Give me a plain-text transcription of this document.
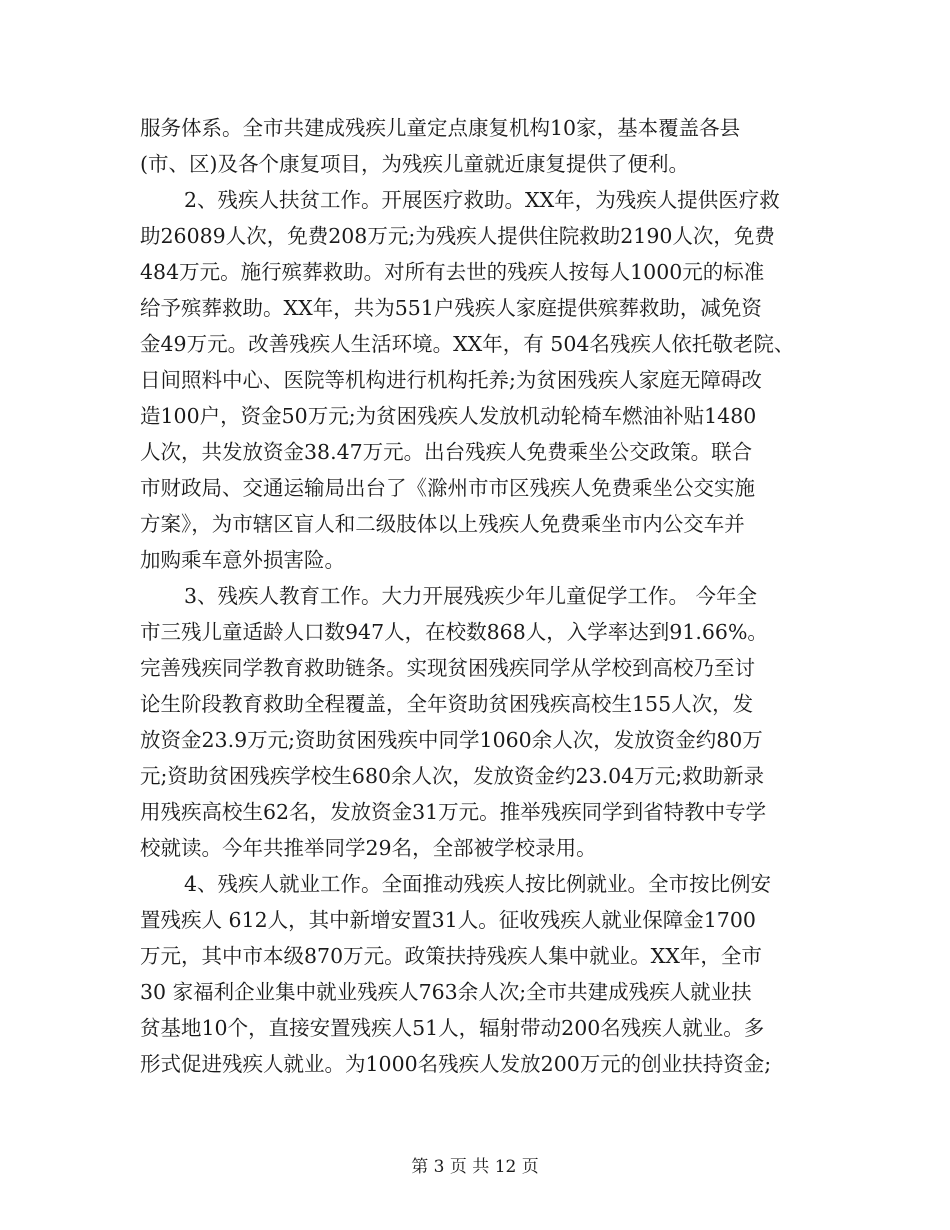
服务体系。全市共建成残疾儿童定点康复机构10家，基本覆盖各县
(市、区)及各个康复项目，为残疾儿童就近康复提供了便利。
2、残疾人扶贫工作。开展医疗救助。XX年，为残疾人提供医疗救
助26089人次，免费208万元;为残疾人提供住院救助2190人次，免费
484万元。施行殡葬救助。对所有去世的残疾人按每人1000元的标准
给予殡葬救助。XX年，共为551户残疾人家庭提供殡葬救助，减免资
金49万元。改善残疾人生活环境。XX年，有 504名残疾人依托敬老院、
日间照料中心、医院等机构进行机构托养;为贫困残疾人家庭无障碍改
造100户，资金50万元;为贫困残疾人发放机动轮椅车燃油补贴1480
人次，共发放资金38.47万元。出台残疾人免费乘坐公交政策。联合
市财政局、交通运输局出台了《滁州市市区残疾人免费乘坐公交实施
方案》，为市辖区盲人和二级肢体以上残疾人免费乘坐市内公交车并
加购乘车意外损害险。
3、残疾人教育工作。大力开展残疾少年儿童促学工作。 今年全
市三残儿童适龄人口数947人，在校数868人，入学率达到91.66%。
完善残疾同学教育救助链条。实现贫困残疾同学从学校到高校乃至讨
论生阶段教育救助全程覆盖，全年资助贫困残疾高校生155人次，发
放资金23.9万元;资助贫困残疾中同学1060余人次，发放资金约80万
元;资助贫困残疾学校生680余人次，发放资金约23.04万元;救助新录
用残疾高校生62名，发放资金31万元。推举残疾同学到省特教中专学
校就读。今年共推举同学29名，全部被学校录用。
4、残疾人就业工作。全面推动残疾人按比例就业。全市按比例安
置残疾人 612人，其中新增安置31人。征收残疾人就业保障金1700
万元，其中市本级870万元。政策扶持残疾人集中就业。XX年，全市
30 家福利企业集中就业残疾人763余人次;全市共建成残疾人就业扶
贫基地10个，直接安置残疾人51人，辐射带动200名残疾人就业。多
形式促进残疾人就业。为1000名残疾人发放200万元的创业扶持资金;
第 3 页 共 12 页
